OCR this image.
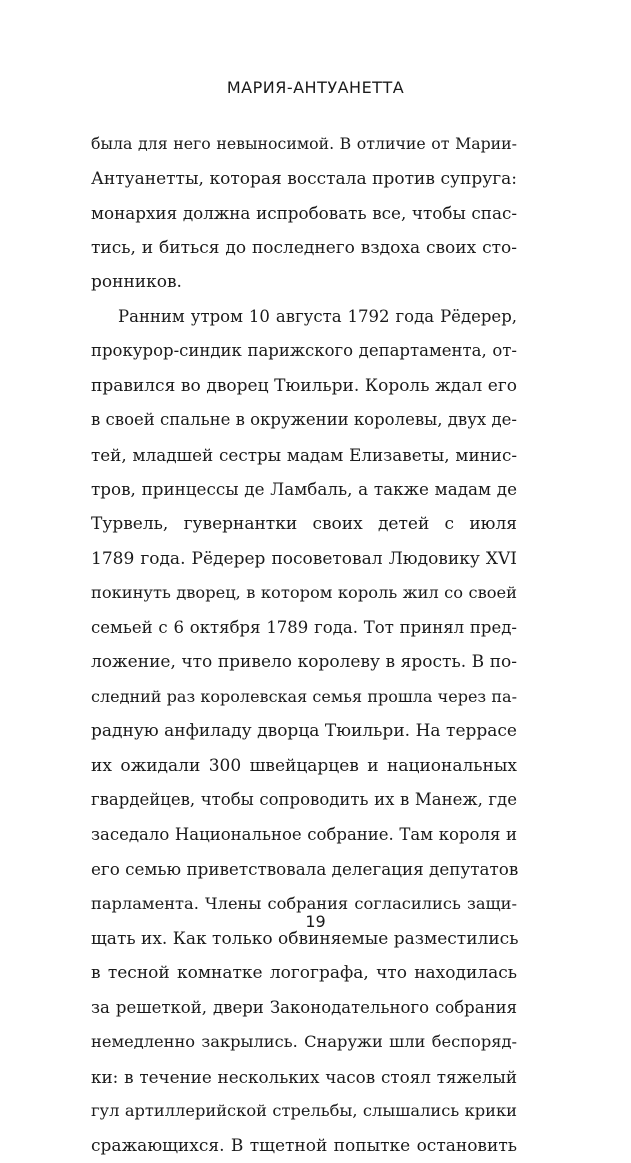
МАРИЯ-АНТУАНЕТТА
была для него невыносимой. В отличие от Марии-
Антуанетты, которая восстала против супруга:
монархия должна испробовать все, чтобы спас-
тись, и биться до последнего вздоха своих сто-
ронников.
Ранним утром 10 августа 1792 года Рёдерер,
прокурор-синдик парижского департамента, от-
правился во дворец Тюильри. Король ждал его
в своей спальне в окружении королевы, двух де-
тей, младшей сестры мадам Елизаветы, минис-
тров, принцессы де Ламбаль, а также мадам де
Турвель, гувернантки своих детей с июля
1789 года. Рёдерер посоветовал Людовику XVI
покинуть дворец, в котором король жил со своей
семьей с 6 октября 1789 года. Тот принял пред-
ложение, что привело королеву в ярость. В по-
следний раз королевская семья прошла через па-
радную анфиладу дворца Тюильри. На террасе
их ожидали 300 швейцарцев и национальных
гвардейцев, чтобы сопроводить их в Манеж, где
заседало Национальное собрание. Там короля и
его семью приветствовала делегация депутатов
парламента. Члены собрания согласились защи-
щать их. Как только обвиняемые разместились
в тесной комнатке логографа, что находилась
за решеткой, двери Законодательного собрания
немедленно закрылись. Снаружи шли беспоряд-
ки: в течение нескольких часов стоял тяжелый
гул артиллерийской стрельбы, слышались крики
сражающихся. В тщетной попытке остановить
19
